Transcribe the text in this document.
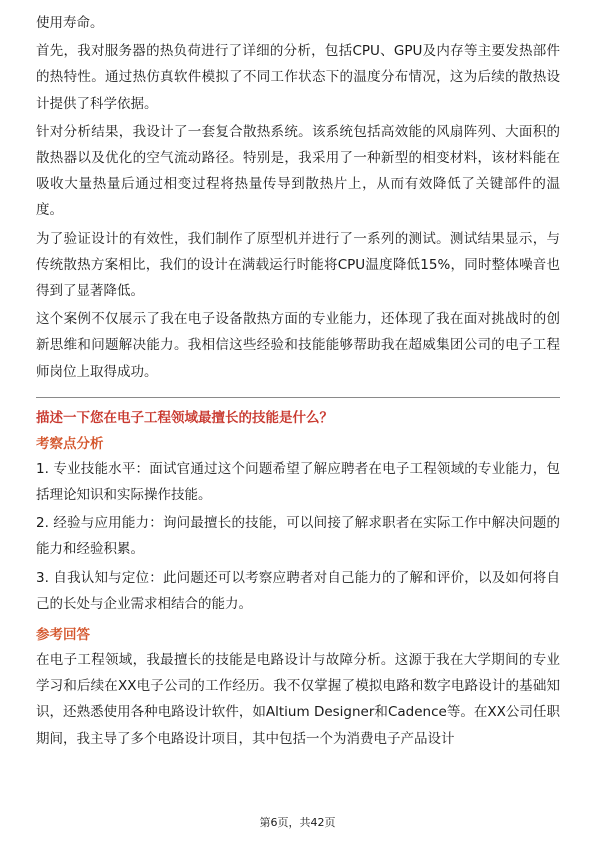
使用寿命。

首先，我对服务器的热负荷进行了详细的分析，包括CPU、GPU及内存等主要发热部件的热特性。通过热仿真软件模拟了不同工作状态下的温度分布情况，这为后续的散热设计提供了科学依据。

针对分析结果，我设计了一套复合散热系统。该系统包括高效能的风扇阵列、大面积的散热器以及优化的空气流动路径。特别是，我采用了一种新型的相变材料，该材料能在吸收大量热量后通过相变过程将热量传导到散热片上，从而有效降低了关键部件的温度。

为了验证设计的有效性，我们制作了原型机并进行了一系列的测试。测试结果显示，与传统散热方案相比，我们的设计在满载运行时能将CPU温度降低15%，同时整体噪音也得到了显著降低。

这个案例不仅展示了我在电子设备散热方面的专业能力，还体现了我在面对挑战时的创新思维和问题解决能力。我相信这些经验和技能能够帮助我在超威集团公司的电子工程师岗位上取得成功。

描述一下您在电子工程领域最擅长的技能是什么？

考察点分析

1. 专业技能水平：面试官通过这个问题希望了解应聘者在电子工程领域的专业能力，包括理论知识和实际操作技能。

2. 经验与应用能力：询问最擅长的技能，可以间接了解求职者在实际工作中解决问题的能力和经验积累。

3. 自我认知与定位：此问题还可以考察应聘者对自己能力的了解和评价，以及如何将自己的长处与企业需求相结合的能力。

参考回答

在电子工程领域，我最擅长的技能是电路设计与故障分析。这源于我在大学期间的专业学习和后续在XX电子公司的工作经历。我不仅掌握了模拟电路和数字电路设计的基础知识，还熟悉使用各种电路设计软件，如Altium Designer和Cadence等。在XX公司任职期间，我主导了多个电路设计项目，其中包括一个为消费电子产品设计

第6页，共42页
